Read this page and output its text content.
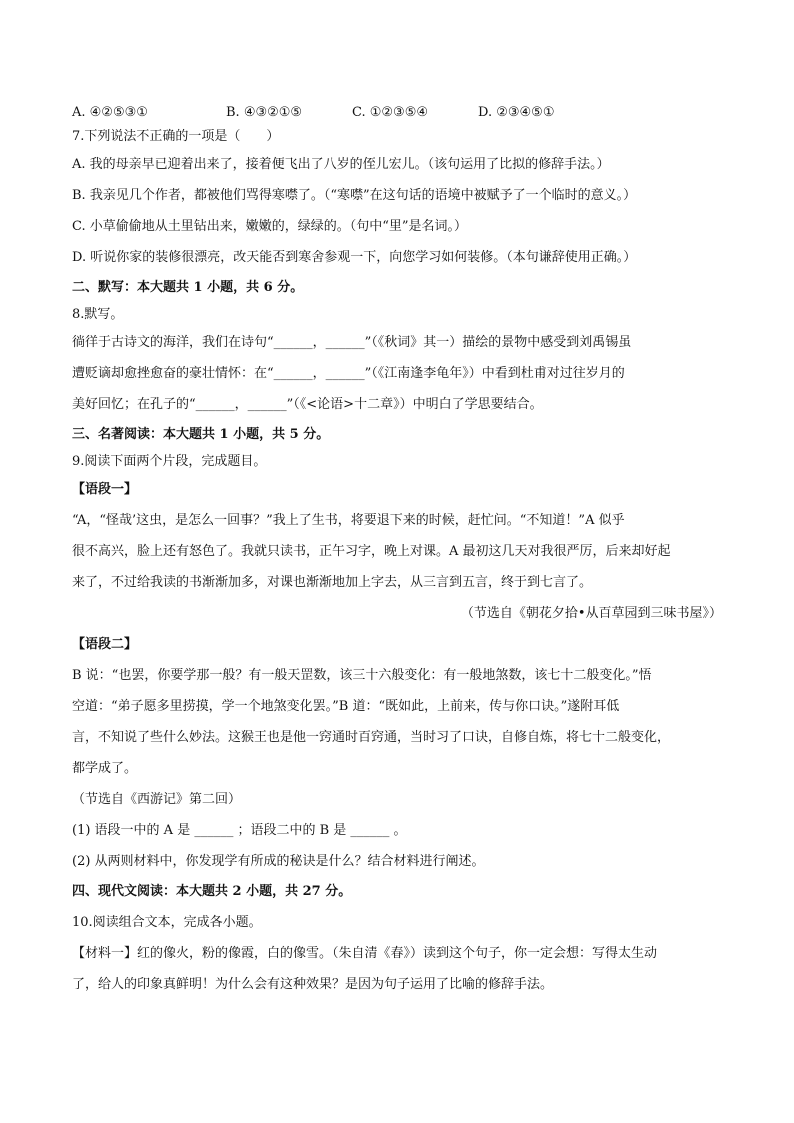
A. ④②⑤③①	B. ④③②①⑤	C. ①②③⑤④	D. ②③④⑤①
7.下列说法不正确的一项是（　　）
A. 我的母亲早已迎着出来了，接着便飞出了八岁的侄儿宏儿。（该句运用了比拟的修辞手法。）
B. 我亲见几个作者，都被他们骂得寒噤了。（“寒噤”在这句话的语境中被赋予了一个临时的意义。）
C. 小草偷偷地从土里钻出来，嫩嫩的，绿绿的。（句中“里”是名词。）
D. 听说你家的装修很漂亮，改天能否到寒舍参观一下，向您学习如何装修。（本句谦辞使用正确。）
二、默写：本大题共 1 小题，共 6 分。
8.默写。
徜徉于古诗文的海洋，我们在诗句“______，______”（《秋词》其一）描绘的景物中感受到刘禹锡虽
遭贬谪却愈挫愈奋的豪壮情怀：在“______，______”（《江南逢李龟年》）中看到杜甫对过往岁月的
美好回忆；在孔子的“______，______”（《<论语>十二章》）中明白了学思要结合。
三、名著阅读：本大题共 1 小题，共 5 分。
9.阅读下面两个片段，完成题目。
【语段一】
“A，“怪哉’这虫，是怎么一回事？”我上了生书，将要退下来的时候，赶忙问。“不知道！”A 似乎
很不高兴，脸上还有怒色了。我就只读书，正午习字，晚上对课。A 最初这几天对我很严厉，后来却好起
来了，不过给我读的书渐渐加多，对课也渐渐地加上字去，从三言到五言，终于到七言了。
（节选自《朝花夕拾•从百草园到三味书屋》）
【语段二】
B 说：“也罢，你要学那一般？有一般天罡数，该三十六般变化：有一般地煞数，该七十二般变化。”悟
空道：“弟子愿多里捞摸，学一个地煞变化罢。”B 道：“既如此，上前来，传与你口诀。”遂附耳低
言，不知说了些什么妙法。这猴王也是他一窍通时百窍通，当时习了口诀，自修自炼，将七十二般变化，
都学成了。
（节选自《西游记》第二回）
(1) 语段一中的 A 是 ______ ；语段二中的 B 是 ______ 。
(2) 从两则材料中，你发现学有所成的秘诀是什么？结合材料进行阐述。
四、现代文阅读：本大题共 2 小题，共 27 分。
10.阅读组合文本，完成各小题。
【材料一】红的像火，粉的像霞，白的像雪。（朱自清《春》）读到这个句子，你一定会想：写得太生动
了，给人的印象真鲜明！为什么会有这种效果？是因为句子运用了比喻的修辞手法。
